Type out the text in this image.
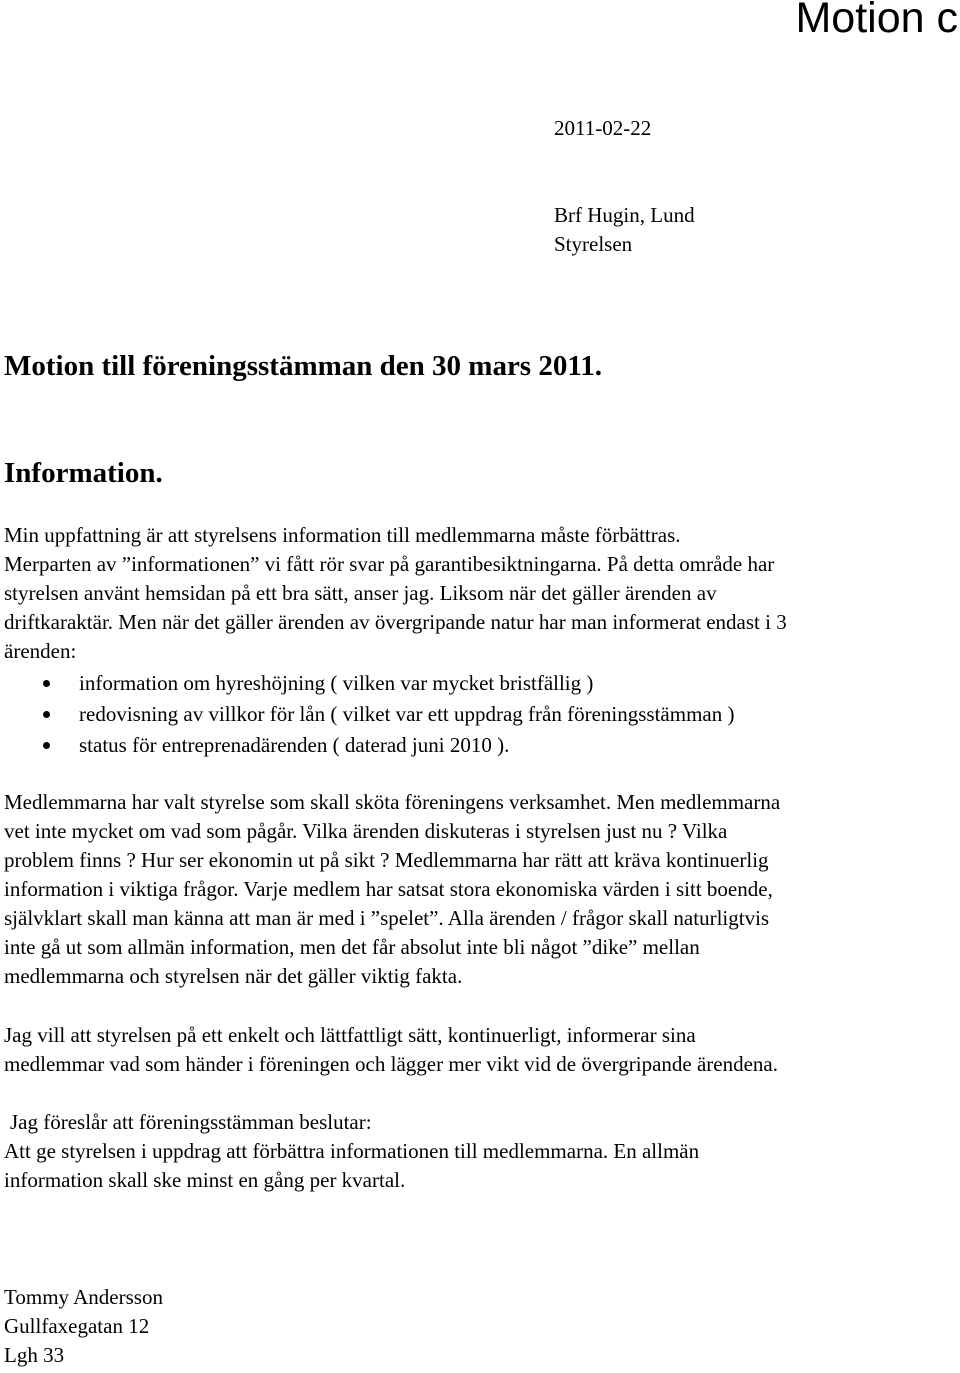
Motion c
2011-02-22
Brf Hugin, Lund
Styrelsen
Motion till föreningsstämman den 30 mars 2011.
Information.
Min uppfattning är att styrelsens information till medlemmarna måste förbättras.
Merparten av ”informationen” vi fått rör svar på garantibesiktningarna. På detta område har
styrelsen använt hemsidan på ett bra sätt, anser jag. Liksom när det gäller ärenden av
driftkaraktär. Men när det gäller ärenden av övergripande natur har man informerat endast i 3
ärenden:
information om hyreshöjning ( vilken var mycket bristfällig )
redovisning av villkor för lån ( vilket var ett uppdrag från föreningsstämman )
status för entreprenadärenden ( daterad juni 2010 ).
Medlemmarna har valt styrelse som skall sköta föreningens verksamhet. Men medlemmarna
vet inte mycket om vad som pågår. Vilka ärenden diskuteras i styrelsen just nu ? Vilka
problem finns ? Hur ser ekonomin ut på sikt ? Medlemmarna har rätt att kräva kontinuerlig
information i viktiga frågor. Varje medlem har satsat stora ekonomiska värden i sitt boende,
självklart skall man känna att man är med i ”spelet”. Alla ärenden / frågor skall naturligtvis
inte gå ut som allmän information, men det får absolut inte bli något ”dike” mellan
medlemmarna och styrelsen när det gäller viktig fakta.
Jag vill att styrelsen på ett enkelt och lättfattligt sätt, kontinuerligt, informerar sina
medlemmar vad som händer i föreningen och lägger mer vikt vid de övergripande ärendena.
Jag föreslår att föreningsstämman beslutar:
Att ge styrelsen i uppdrag att förbättra informationen till medlemmarna. En allmän
information skall ske minst en gång per kvartal.
Tommy Andersson
Gullfaxegatan 12
Lgh 33
